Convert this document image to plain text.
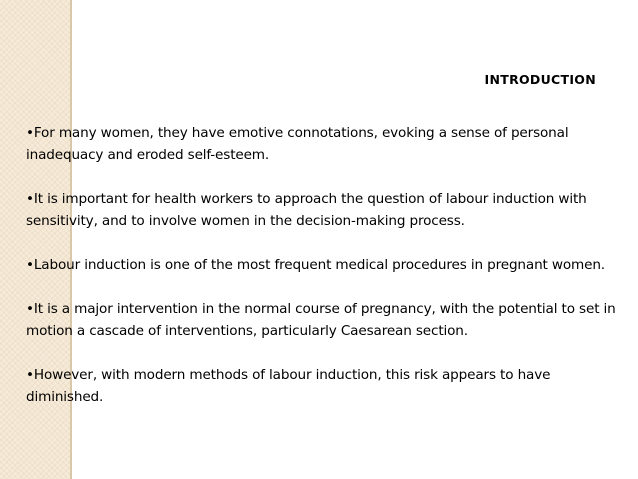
INTRODUCTION

•For many women, they have emotive connotations, evoking a sense of personal inadequacy and eroded self-esteem.

•It is important for health workers to approach the question of labour induction with sensitivity, and to involve women in the decision-making process.

•Labour induction is one of the most frequent medical procedures in pregnant women.

•It is a major intervention in the normal course of pregnancy, with the potential to set in motion a cascade of interventions, particularly Caesarean section.

•However, with modern methods of labour induction, this risk appears to have diminished.
